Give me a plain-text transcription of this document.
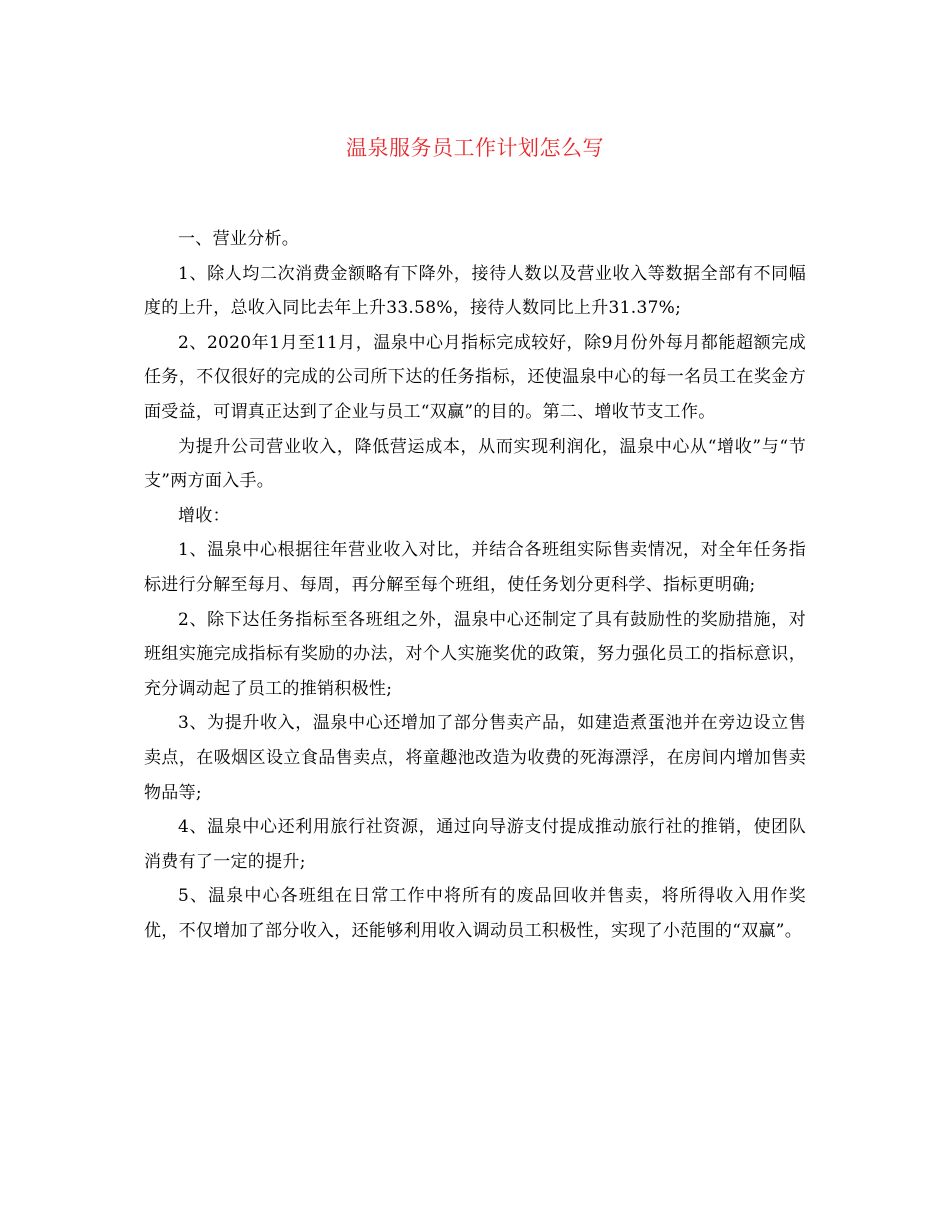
温泉服务员工作计划怎么写

一、营业分析。

1、除人均二次消费金额略有下降外，接待人数以及营业收入等数据全部有不同幅度的上升，总收入同比去年上升33.58%，接待人数同比上升31.37%;

2、2020年1月至11月，温泉中心月指标完成较好，除9月份外每月都能超额完成任务，不仅很好的完成的公司所下达的任务指标，还使温泉中心的每一名员工在奖金方面受益，可谓真正达到了企业与员工“双赢”的目的。第二、增收节支工作。

为提升公司营业收入，降低营运成本，从而实现利润化，温泉中心从“增收”与“节支”两方面入手。

增收：

1、温泉中心根据往年营业收入对比，并结合各班组实际售卖情况，对全年任务指标进行分解至每月、每周，再分解至每个班组，使任务划分更科学、指标更明确;

2、除下达任务指标至各班组之外，温泉中心还制定了具有鼓励性的奖励措施，对班组实施完成指标有奖励的办法，对个人实施奖优的政策，努力强化员工的指标意识，充分调动起了员工的推销积极性;

3、为提升收入，温泉中心还增加了部分售卖产品，如建造煮蛋池并在旁边设立售卖点，在吸烟区设立食品售卖点，将童趣池改造为收费的死海漂浮，在房间内增加售卖物品等;

4、温泉中心还利用旅行社资源，通过向导游支付提成推动旅行社的推销，使团队消费有了一定的提升;

5、温泉中心各班组在日常工作中将所有的废品回收并售卖，将所得收入用作奖优，不仅增加了部分收入，还能够利用收入调动员工积极性，实现了小范围的“双赢”。
